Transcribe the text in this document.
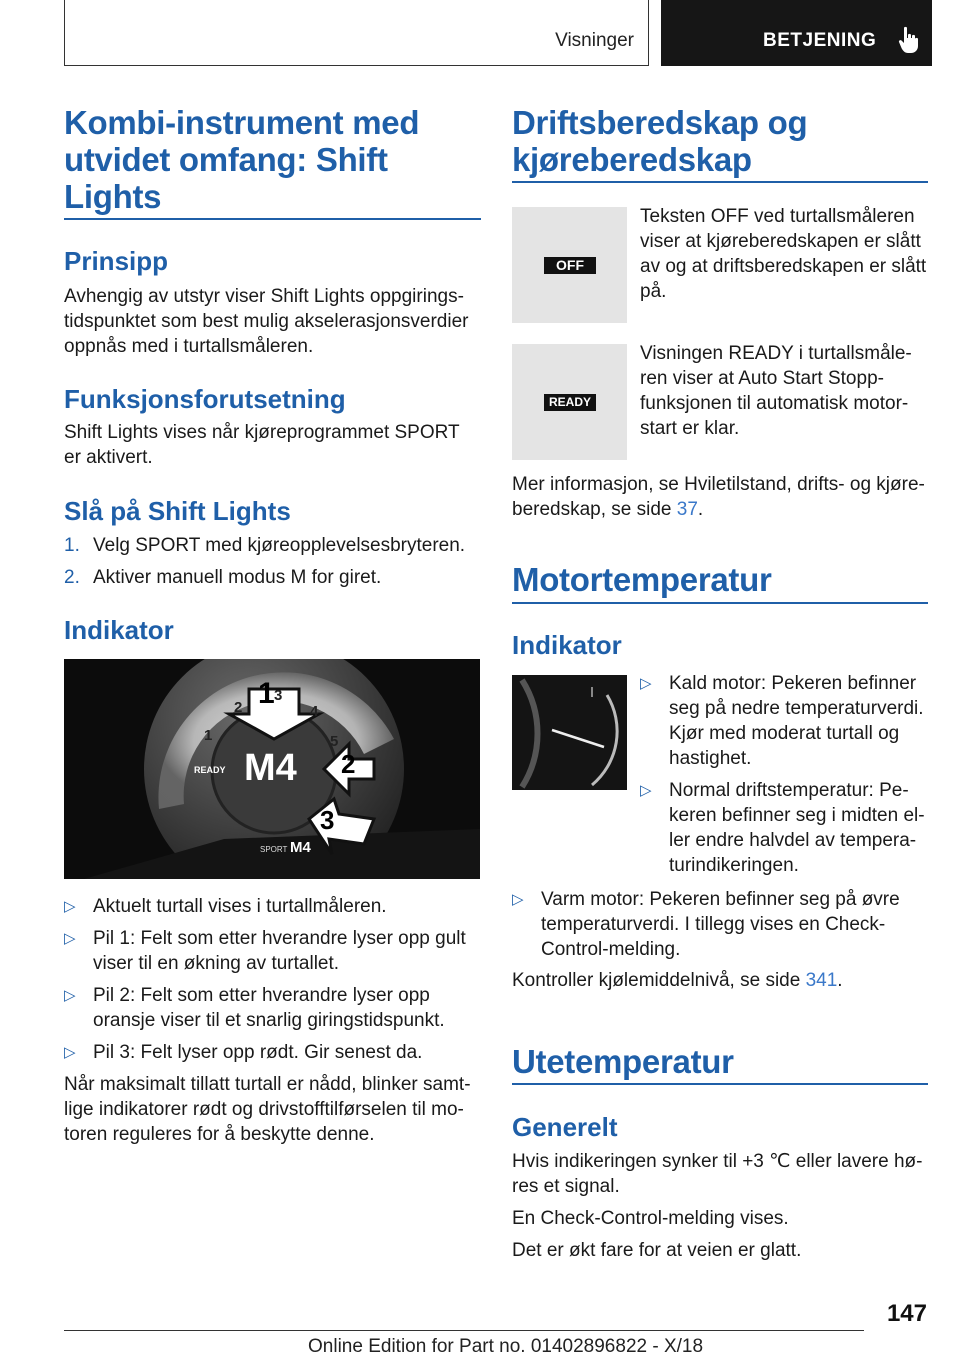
Visninger	BETJENING
Kombi-instrument med utvidet omfang: Shift Lights
Prinsipp

Avhengig av utstyr viser Shift Lights oppgirings-tidspunktet som best mulig akselerasjonsverdier oppnås med i turtallsmåleren.

Funksjonsforutsetning

Shift Lights vises når kjøreprogrammet SPORT er aktivert.

Slå på Shift Lights
1. Velg SPORT med kjøreopplevelsesbryteren.
2. Aktiver manuell modus M for giret.
Indikator
1
2
3
1
2
3
4
5
READY M4
SPORT M4
▷ Aktuelt turtall vises i turtallmåleren.
▷ Pil 1: Felt som etter hverandre lyser opp gult viser til en økning av turtallet.
▷ Pil 2: Felt som etter hverandre lyser opp oransje viser til et snarlig giringstidspunkt.
▷ Pil 3: Felt lyser opp rødt. Gir senest da.

Når maksimalt tillatt turtall er nådd, blinker samt-lige indikatorer rødt og drivstofftilførselen til mo-toren reguleres for å beskytte denne.

Driftsberedskap og kjøreberedskap
OFF

Teksten OFF ved turtallsmåleren viser at kjøreberedskapen er slått av og at driftsberedskapen er slått på.

READY

Visningen READY i turtallsmåle-ren viser at Auto Start Stopp-funksjonen til automatisk motor-start er klar.

Mer informasjon, se Hviletilstand, drifts- og kjøre-beredskap, se side 37.

Motortemperatur
Indikator
▷ Kald motor: Pekeren befinner seg på nedre temperaturverdi. Kjør med moderat turtall og hastighet.
▷ Normal driftstemperatur: Pe-keren befinner seg i midten el-ler endre halvdel av tempera-turindikeringen.
▷ Varm motor: Pekeren befinner seg på øvre temperaturverdi. I tillegg vises en Check-Control-melding.

Kontroller kjølemiddelnivå, se side 341.

Utetemperatur
Generelt

Hvis indikeringen synker til +3 ℃ eller lavere hø-res et signal.

En Check-Control-melding vises.

Det er økt fare for at veien er glatt.

147
Online Edition for Part no. 01402896822 - X/18
